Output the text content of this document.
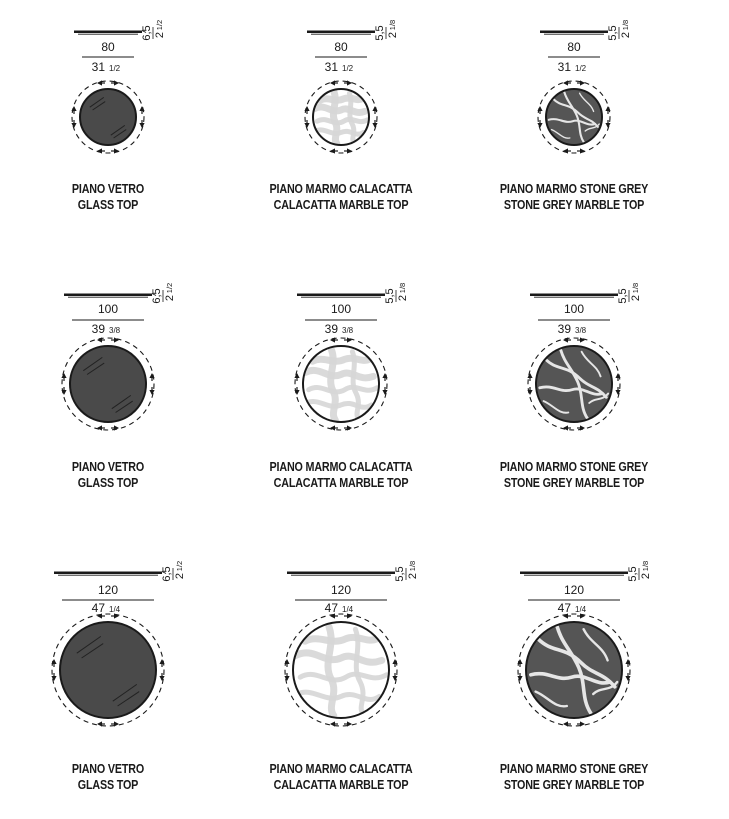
6,5 2
1/2
80
31 1/2
PIANO VETRO
GLASS TOP
5,5 2
1/8
80
31 1/2
PIANO MARMO CALACATTA
CALACATTA MARBLE TOP
5,5 2
1/8
80
31 1/2
PIANO MARMO STONE GREY
STONE GREY MARBLE TOP
6,5 2
1/2
100
39 3/8
PIANO VETRO
GLASS TOP
5,5 2
1/8
100
39 3/8
PIANO MARMO CALACATTA
CALACATTA MARBLE TOP
5,5 2
1/8
100
39 3/8
PIANO MARMO STONE GREY
STONE GREY MARBLE TOP
6,5 2
1/2
120
47 1/4
PIANO VETRO
GLASS TOP
5,5 2
1/8
120
47 1/4
PIANO MARMO CALACATTA
CALACATTA MARBLE TOP
5,5 2
1/8
120
47 1/4
PIANO MARMO STONE GREY
STONE GREY MARBLE TOP
